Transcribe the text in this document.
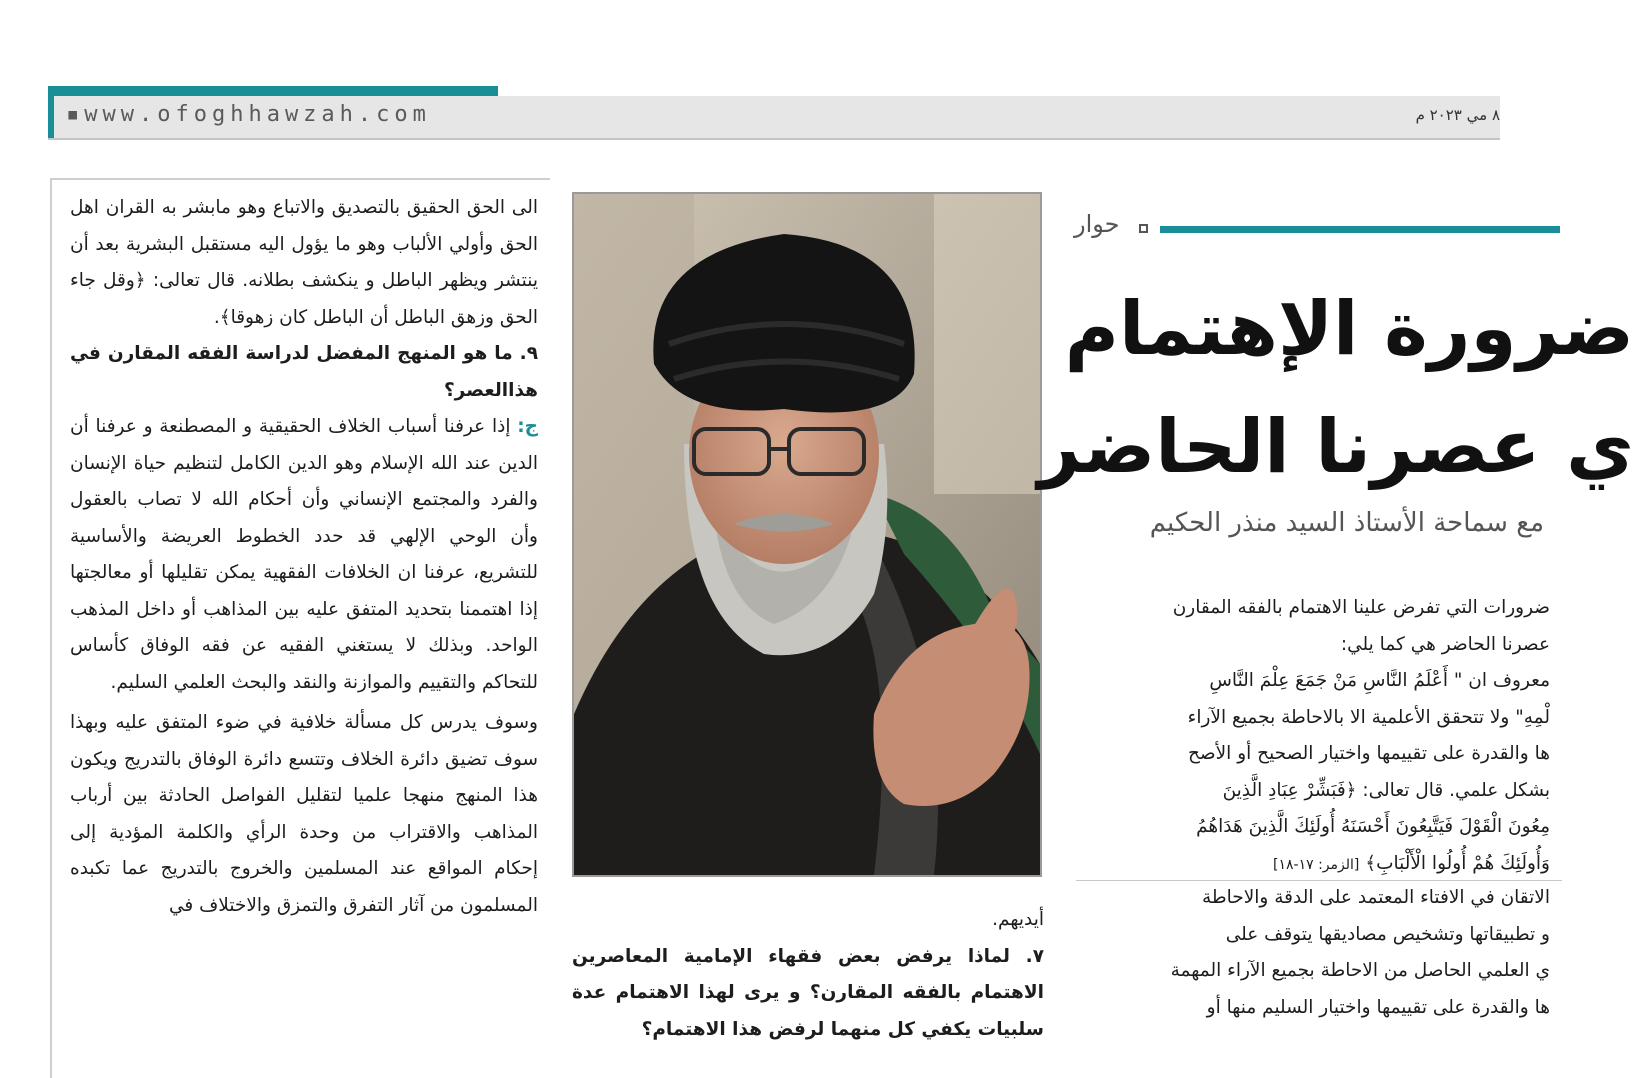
▪www.ofoghhawzah.com	٨ مي ٢٠٢٣ م

الى الحق الحقيق بالتصديق والاتباع وهو مابشر به القران اهل الحق وأولي الألباب وهو ما يؤول اليه مستقبل البشرية بعد أن ينتشر ويظهر الباطل و ينكشف بطلانه. قال تعالى: ﴿وقل جاء الحق وزهق الباطل أن الباطل كان زهوقا﴾.

٩. ما هو المنهج المفضل لدراسة الفقه المقارن في هذاالعصر؟

ج: إذا عرفنا أسباب الخلاف الحقيقية و المصطنعة و عرفنا أن الدين عند الله الإسلام وهو الدين الكامل لتنظيم حياة الإنسان والفرد والمجتمع الإنساني وأن أحكام الله لا تصاب بالعقول وأن الوحي الإلهي قد حدد الخطوط العريضة والأساسية للتشريع، عرفنا ان الخلافات الفقهية يمكن تقليلها أو معالجتها إذا اهتممنا بتحديد المتفق عليه بين المذاهب أو داخل المذهب الواحد. وبذلك لا يستغني الفقيه عن فقه الوفاق كأساس للتحاكم والتقييم والموازنة والنقد والبحث العلمي السليم.

وسوف يدرس كل مسألة خلافية في ضوء المتفق عليه وبهذا سوف تضيق دائرة الخلاف وتتسع دائرة الوفاق بالتدريج ويكون هذا المنهج منهجا علميا لتقليل الفواصل الحادثة بين أرباب المذاهب والاقتراب من وحدة الرأي والكلمة المؤدية إلى إحكام المواقع عند المسلمين والخروج بالتدريج عما تكبده المسلمون من آثار التفرق والتمزق والاختلاف في

أيديهم.

٧. لماذا يرفض بعض فقهاء الإمامية المعاصرين الاهتمام بالفقه المقارن؟ و يرى لهذا الاهتمام عدة سلبيات يكفي كل منهما لرفض هذا الاهتمام؟

حوار
ضرورة الإهتمام
ي عصرنا الحاضر
مع سماحة الأستاذ السيد منذر الحكيم

ضرورات التي تفرض علينا الاهتمام بالفقه المقارن

عصرنا الحاضر هي كما يلي:

معروف ان " أَعْلَمُ النَّاسِ مَنْ جَمَعَ عِلْمَ النَّاسِ

لْمِهِ" ولا تتحقق الأعلمية الا بالاحاطة بجميع الآراء

ها والقدرة على تقييمها واختيار الصحيح أو الأصح

بشكل علمي. قال تعالى: ﴿فَبَشِّرْ عِبَادِ الَّذِينَ

مِعُونَ الْقَوْلَ فَيَتَّبِعُونَ أَحْسَنَهُ أُولَئِكَ الَّذِينَ هَدَاهُمُ

وَأُولَئِكَ هُمْ أُولُوا الْأَلْبَابِ﴾ [الزمر: ١٧-١٨]

الاتقان في الافتاء المعتمد على الدقة والاحاطة

و تطبيقاتها وتشخيص مصاديقها يتوقف على

ي العلمي الحاصل من الاحاطة بجميع الآراء المهمة

ها والقدرة على تقييمها واختيار السليم منها أو
